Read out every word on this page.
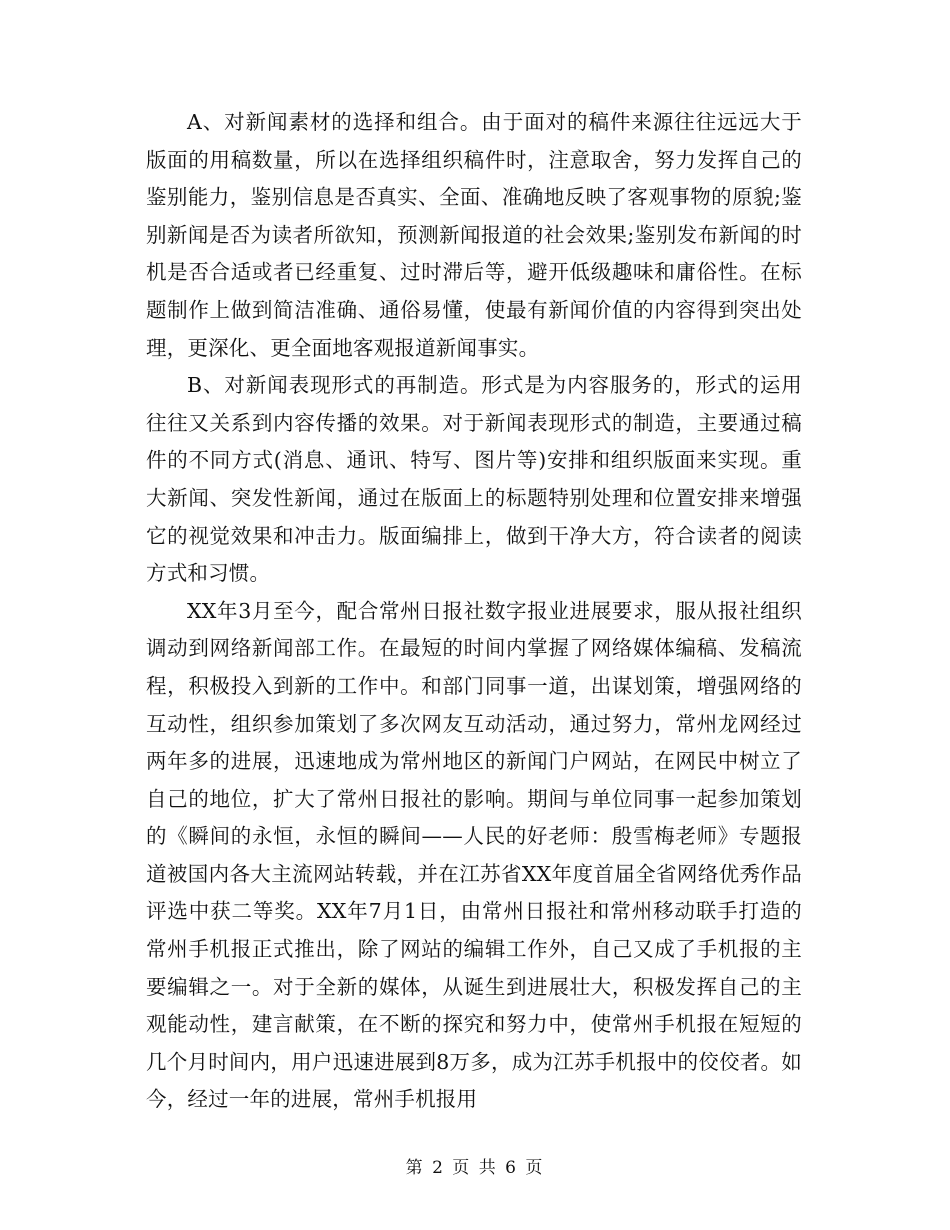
A、对新闻素材的选择和组合。由于面对的稿件来源往往远远大于版面的用稿数量，所以在选择组织稿件时，注意取舍，努力发挥自己的鉴别能力，鉴别信息是否真实、全面、准确地反映了客观事物的原貌;鉴别新闻是否为读者所欲知，预测新闻报道的社会效果;鉴别发布新闻的时机是否合适或者已经重复、过时滞后等，避开低级趣味和庸俗性。在标题制作上做到简洁准确、通俗易懂，使最有新闻价值的内容得到突出处理，更深化、更全面地客观报道新闻事实。

B、对新闻表现形式的再制造。形式是为内容服务的，形式的运用往往又关系到内容传播的效果。对于新闻表现形式的制造，主要通过稿件的不同方式(消息、通讯、特写、图片等)安排和组织版面来实现。重大新闻、突发性新闻，通过在版面上的标题特别处理和位置安排来增强它的视觉效果和冲击力。版面编排上，做到干净大方，符合读者的阅读方式和习惯。

XX年3月至今，配合常州日报社数字报业进展要求，服从报社组织调动到网络新闻部工作。在最短的时间内掌握了网络媒体编稿、发稿流程，积极投入到新的工作中。和部门同事一道，出谋划策，增强网络的互动性，组织参加策划了多次网友互动活动，通过努力，常州龙网经过两年多的进展，迅速地成为常州地区的新闻门户网站，在网民中树立了自己的地位，扩大了常州日报社的影响。期间与单位同事一起参加策划的《瞬间的永恒，永恒的瞬间——人民的好老师：殷雪梅老师》专题报道被国内各大主流网站转载，并在江苏省XX年度首届全省网络优秀作品评选中获二等奖。XX年7月1日，由常州日报社和常州移动联手打造的常州手机报正式推出，除了网站的编辑工作外，自己又成了手机报的主要编辑之一。对于全新的媒体，从诞生到进展壮大，积极发挥自己的主观能动性，建言献策，在不断的探究和努力中，使常州手机报在短短的几个月时间内，用户迅速进展到8万多，成为江苏手机报中的佼佼者。如今，经过一年的进展，常州手机报用

第 2 页 共 6 页
